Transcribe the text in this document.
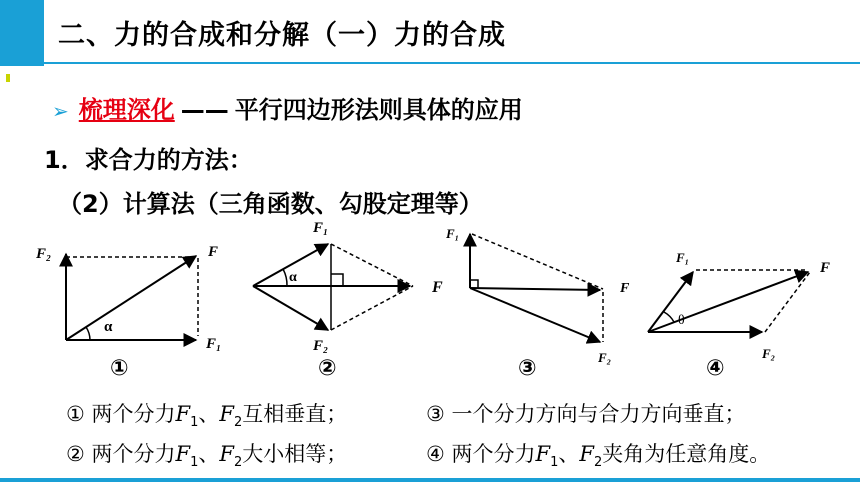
二、力的合成和分解（一）力的合成
➢ 梳理深化 —— 平行四边形法则具体的应用
1．求合力的方法：
（2）计算法（三角函数、勾股定理等）
F₂	F
F₁
α
F₁
F₂
F
α
F₁
F
F₂
F₁
F
F₂
θ
①	②	③	④
① 两个分力$F_1$、$F_2$互相垂直；	③ 一个分力方向与合力方向垂直；
② 两个分力$F_1$、$F_2$大小相等；	④ 两个分力$F_1$、$F_2$夹角为任意角度。
